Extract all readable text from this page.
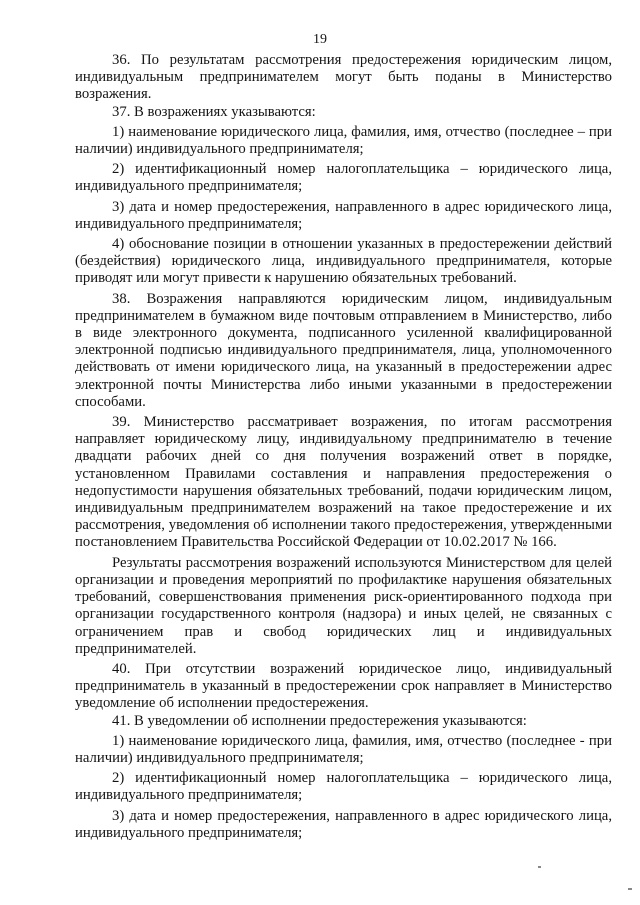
19

36. По результатам рассмотрения предостережения юридическим лицом, индивидуальным предпринимателем могут быть поданы в Министерство возражения.

37. В возражениях указываются:

1) наименование юридического лица, фамилия, имя, отчество (последнее – при наличии) индивидуального предпринимателя;

2) идентификационный номер налогоплательщика – юридического лица, индивидуального предпринимателя;

3) дата и номер предостережения, направленного в адрес юридического лица, индивидуального предпринимателя;

4) обоснование позиции в отношении указанных в предостережении действий (бездействия) юридического лица, индивидуального предпринимателя, которые приводят или могут привести к нарушению обязательных требований.

38. Возражения направляются юридическим лицом, индивидуальным предпринимателем в бумажном виде почтовым отправлением в Министерство, либо в виде электронного документа, подписанного усиленной квалифицированной электронной подписью индивидуального предпринимателя, лица, уполномоченного действовать от имени юридического лица, на указанный в предостережении адрес электронной почты Министерства либо иными указанными в предостережении способами.

39. Министерство рассматривает возражения, по итогам рассмотрения направляет юридическому лицу, индивидуальному предпринимателю в течение двадцати рабочих дней со дня получения возражений ответ в порядке, установленном Правилами составления и направления предостережения о недопустимости нарушения обязательных требований, подачи юридическим лицом, индивидуальным предпринимателем возражений на такое предостережение и их рассмотрения, уведомления об исполнении такого предостережения, утвержденными постановлением Правительства Российской Федерации от 10.02.2017 № 166.

Результаты рассмотрения возражений используются Министерством для целей организации и проведения мероприятий по профилактике нарушения обязательных требований, совершенствования применения риск-ориентированного подхода при организации государственного контроля (надзора) и иных целей, не связанных с ограничением прав и свобод юридических лиц и индивидуальных предпринимателей.

40. При отсутствии возражений юридическое лицо, индивидуальный предприниматель в указанный в предостережении срок направляет в Министерство уведомление об исполнении предостережения.

41. В уведомлении об исполнении предостережения указываются:

1) наименование юридического лица, фамилия, имя, отчество (последнее - при наличии) индивидуального предпринимателя;

2) идентификационный номер налогоплательщика – юридического лица, индивидуального предпринимателя;

3) дата и номер предостережения, направленного в адрес юридического лица, индивидуального предпринимателя;
